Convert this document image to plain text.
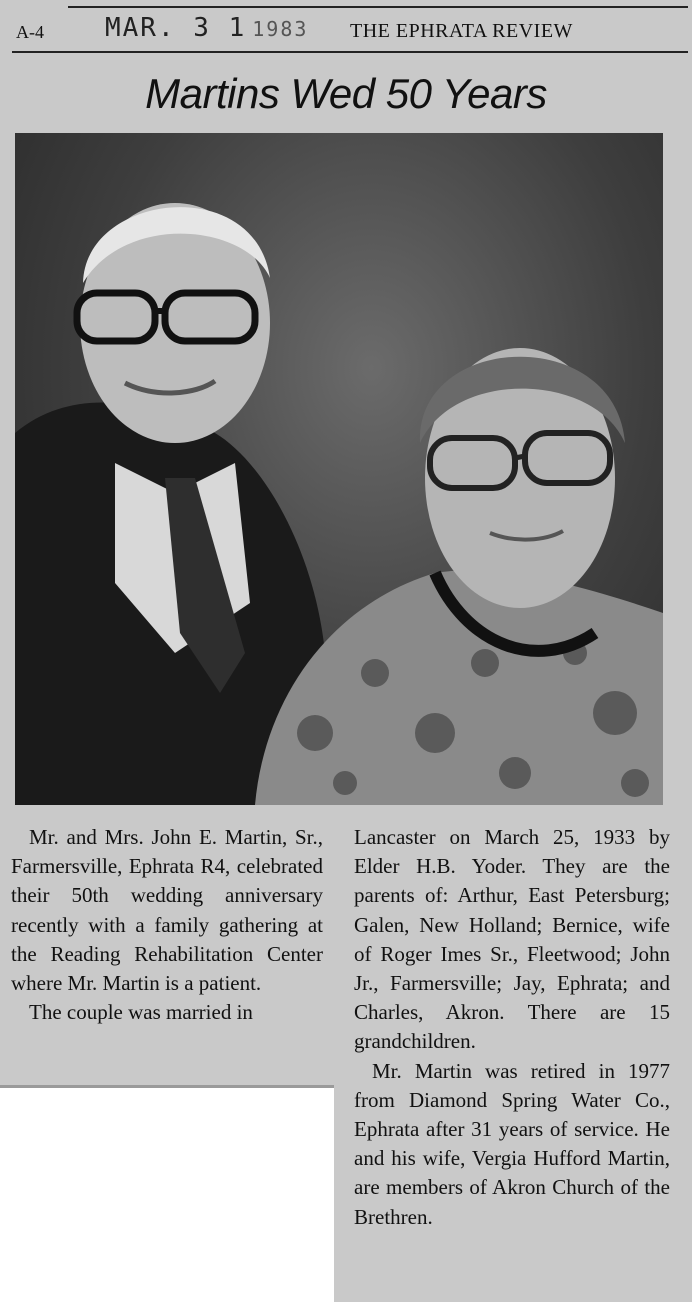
A-4 MAR. 3 1 1983 THE EPHRATA REVIEW
Martins Wed 50 Years

Mr. and Mrs. John E. Martin, Sr., Farmersville, Ephrata R4, celebrated their 50th wedding anniversary recently with a family gathering at the Reading Rehabilitation Center where Mr. Martin is a patient.

The couple was married in

Lancaster on March 25, 1933 by Elder H.B. Yoder. They are the parents of: Arthur, East Petersburg; Galen, New Holland; Bernice, wife of Roger Imes Sr., Fleetwood; John Jr., Farmersville; Jay, Ephrata; and Charles, Akron. There are 15 grandchildren.

Mr. Martin was retired in 1977 from Diamond Spring Water Co., Ephrata after 31 years of service. He and his wife, Vergia Hufford Martin, are members of Akron Church of the Brethren.
